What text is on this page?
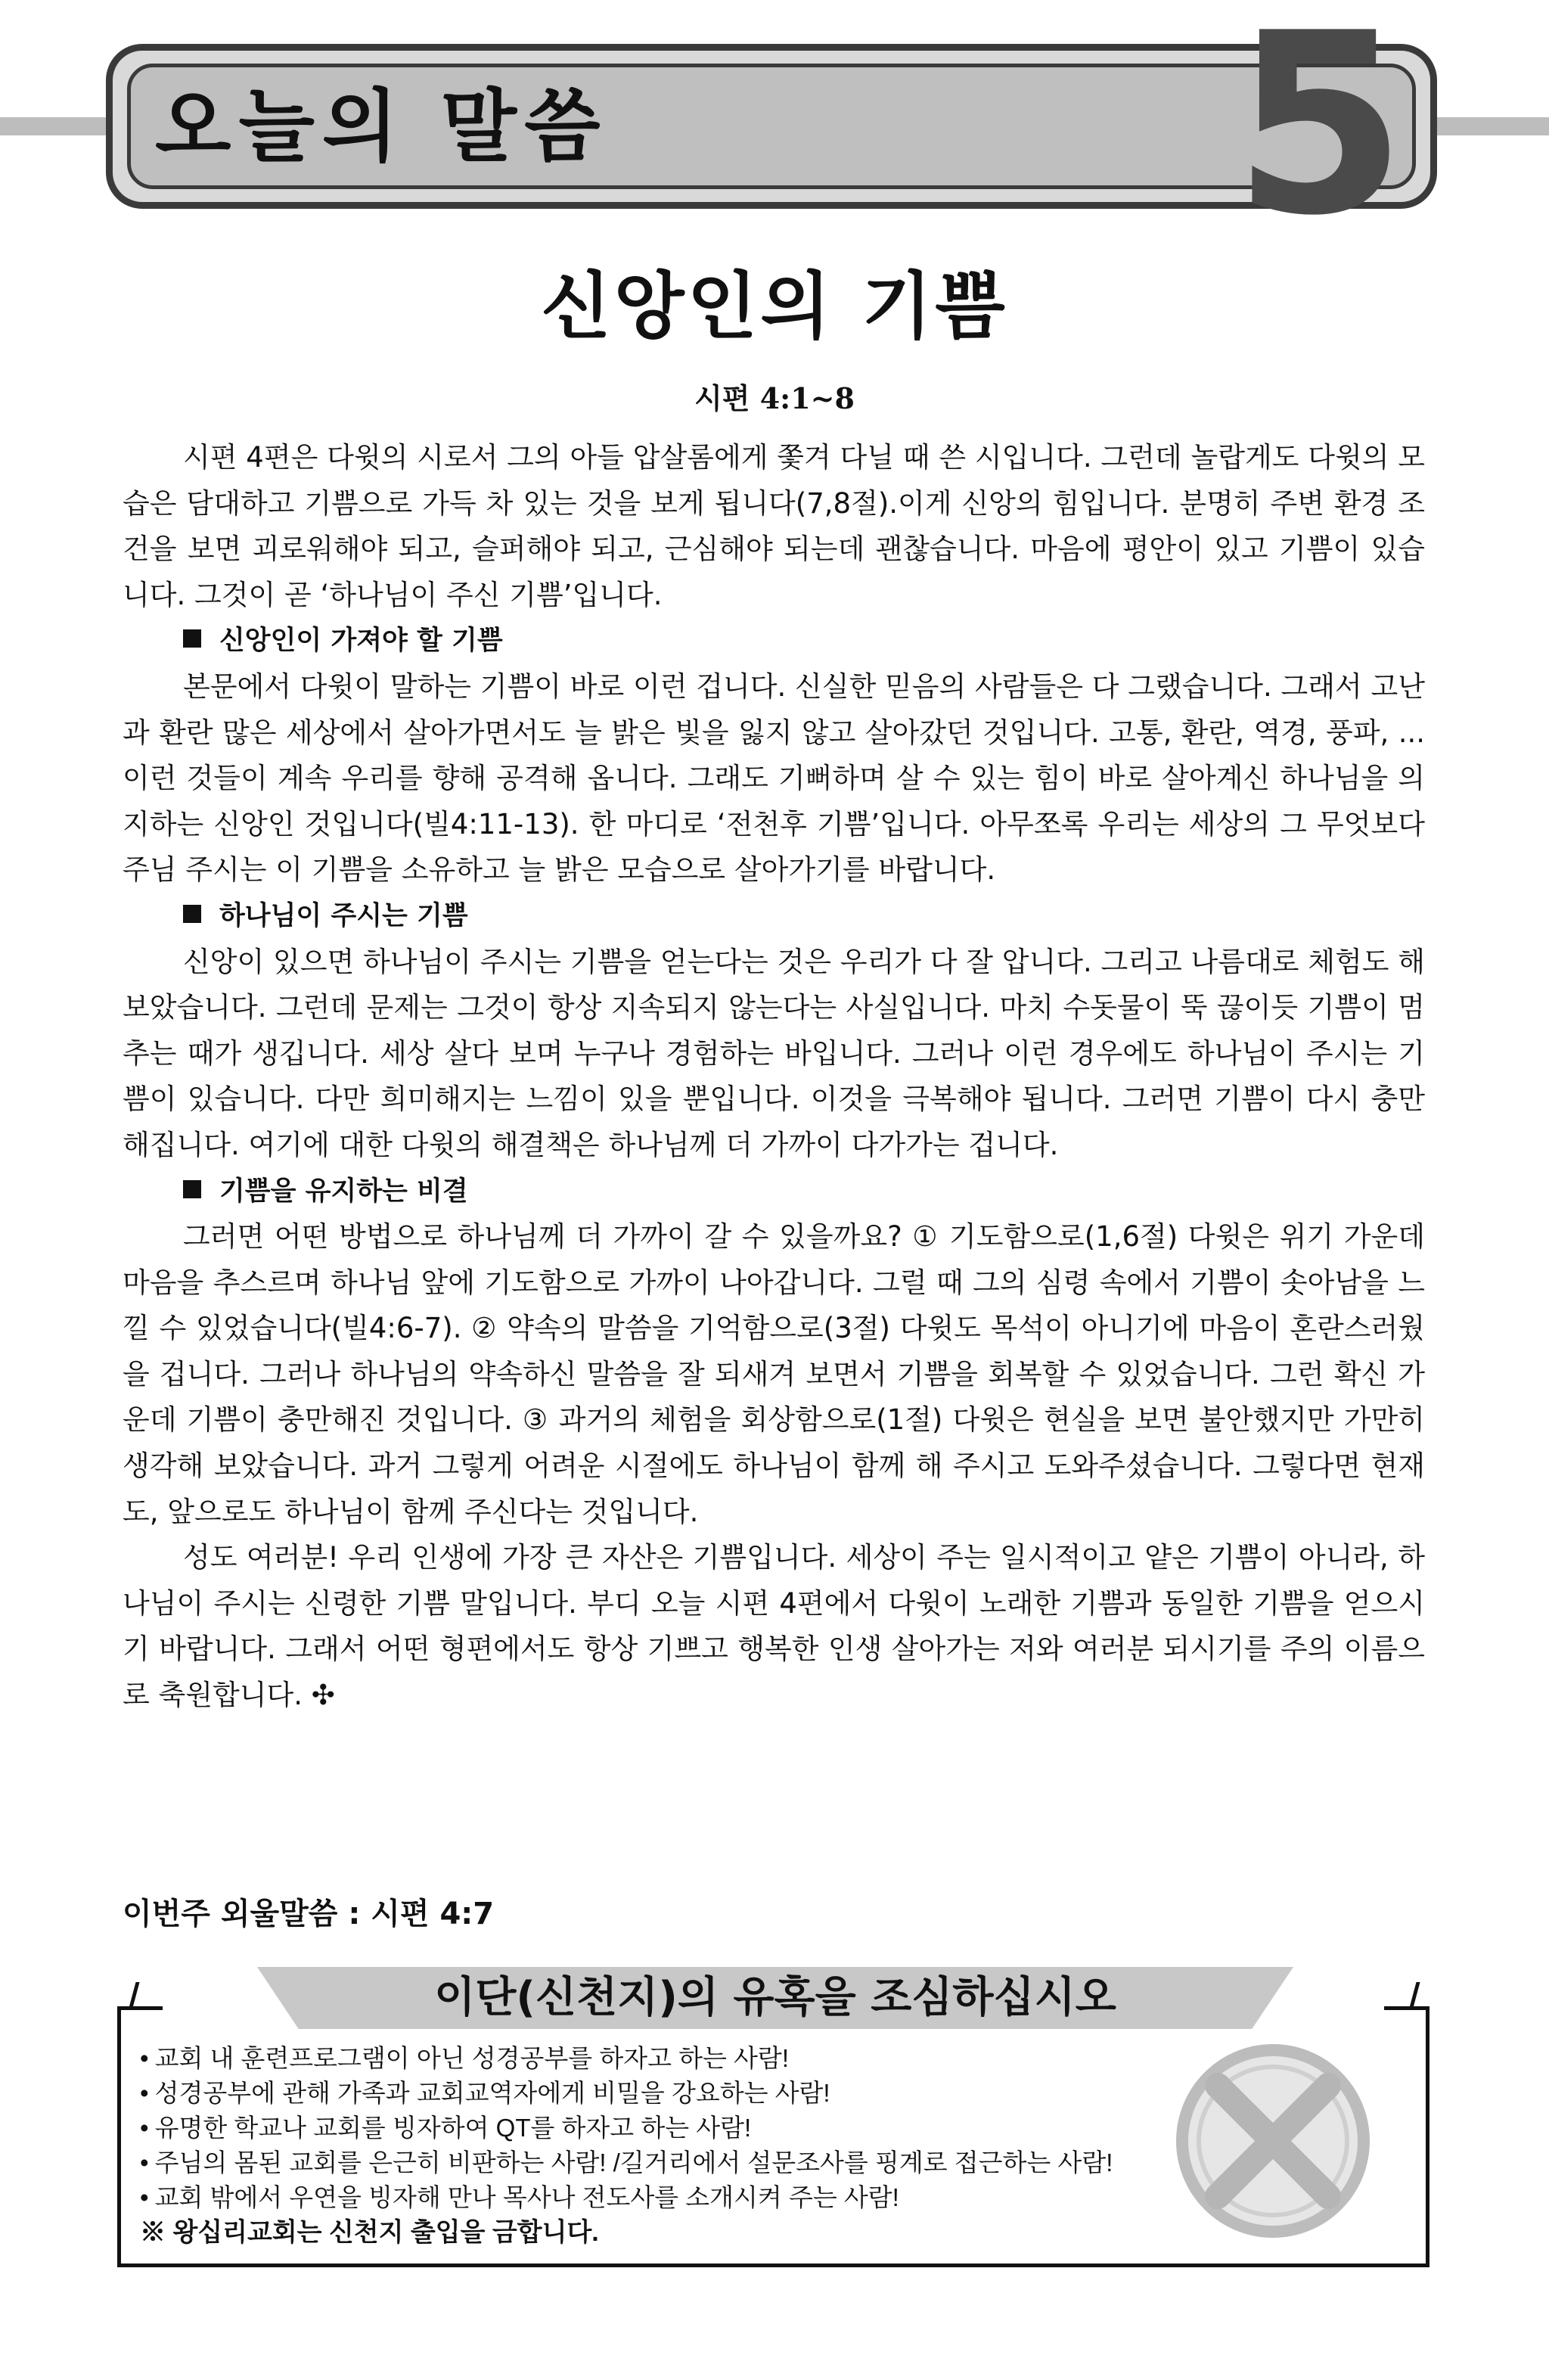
오늘의 말씀	5
신앙인의 기쁨
시편 4:1~8

시편 4편은 다윗의 시로서 그의 아들 압살롬에게 쫓겨 다닐 때 쓴 시입니다. 그런데 놀랍게도 다윗의 모습은 담대하고 기쁨으로 가득 차 있는 것을 보게 됩니다(7,8절).이게 신앙의 힘입니다. 분명히 주변 환경 조건을 보면 괴로워해야 되고, 슬퍼해야 되고, 근심해야 되는데 괜찮습니다. 마음에 평안이 있고 기쁨이 있습니다. 그것이 곧 ‘하나님이 주신 기쁨’입니다.

신앙인이 가져야 할 기쁨

본문에서 다윗이 말하는 기쁨이 바로 이런 겁니다. 신실한 믿음의 사람들은 다 그랬습니다. 그래서 고난과 환란 많은 세상에서 살아가면서도 늘 밝은 빛을 잃지 않고 살아갔던 것입니다. 고통, 환란, 역경, 풍파, ... 이런 것들이 계속 우리를 향해 공격해 옵니다. 그래도 기뻐하며 살 수 있는 힘이 바로 살아계신 하나님을 의지하는 신앙인 것입니다(빌4:11-13). 한 마디로 ‘전천후 기쁨’입니다. 아무쪼록 우리는 세상의 그 무엇보다 주님 주시는 이 기쁨을 소유하고 늘 밝은 모습으로 살아가기를 바랍니다.

하나님이 주시는 기쁨

신앙이 있으면 하나님이 주시는 기쁨을 얻는다는 것은 우리가 다 잘 압니다. 그리고 나름대로 체험도 해 보았습니다. 그런데 문제는 그것이 항상 지속되지 않는다는 사실입니다. 마치 수돗물이 뚝 끊이듯 기쁨이 멈추는 때가 생깁니다. 세상 살다 보며 누구나 경험하는 바입니다. 그러나 이런 경우에도 하나님이 주시는 기쁨이 있습니다. 다만 희미해지는 느낌이 있을 뿐입니다. 이것을 극복해야 됩니다. 그러면 기쁨이 다시 충만해집니다. 여기에 대한 다윗의 해결책은 하나님께 더 가까이 다가가는 겁니다.

기쁨을 유지하는 비결

그러면 어떤 방법으로 하나님께 더 가까이 갈 수 있을까요? ① 기도함으로(1,6절) 다윗은 위기 가운데 마음을 추스르며 하나님 앞에 기도함으로 가까이 나아갑니다. 그럴 때 그의 심령 속에서 기쁨이 솟아남을 느낄 수 있었습니다(빌4:6-7). ② 약속의 말씀을 기억함으로(3절) 다윗도 목석이 아니기에 마음이 혼란스러웠을 겁니다. 그러나 하나님의 약속하신 말씀을 잘 되새겨 보면서 기쁨을 회복할 수 있었습니다. 그런 확신 가운데 기쁨이 충만해진 것입니다. ③ 과거의 체험을 회상함으로(1절) 다윗은 현실을 보면 불안했지만 가만히 생각해 보았습니다. 과거 그렇게 어려운 시절에도 하나님이 함께 해 주시고 도와주셨습니다. 그렇다면 현재도, 앞으로도 하나님이 함께 주신다는 것입니다.

성도 여러분! 우리 인생에 가장 큰 자산은 기쁨입니다. 세상이 주는 일시적이고 얕은 기쁨이 아니라, 하나님이 주시는 신령한 기쁨 말입니다. 부디 오늘 시편 4편에서 다윗이 노래한 기쁨과 동일한 기쁨을 얻으시기 바랍니다. 그래서 어떤 형편에서도 항상 기쁘고 행복한 인생 살아가는 저와 여러분 되시기를 주의 이름으로 축원합니다. ✣

이번주 외울말씀 : 시편 4:7
이단(신천지)의 유혹을 조심하십시오
• 교회 내 훈련프로그램이 아닌 성경공부를 하자고 하는 사람!
• 성경공부에 관해 가족과 교회교역자에게 비밀을 강요하는 사람!
• 유명한 학교나 교회를 빙자하여 QT를 하자고 하는 사람!
• 주님의 몸된 교회를 은근히 비판하는 사람! /길거리에서 설문조사를 핑계로 접근하는 사람!
• 교회 밖에서 우연을 빙자해 만나 목사나 전도사를 소개시켜 주는 사람!
※ 왕십리교회는 신천지 출입을 금합니다.
